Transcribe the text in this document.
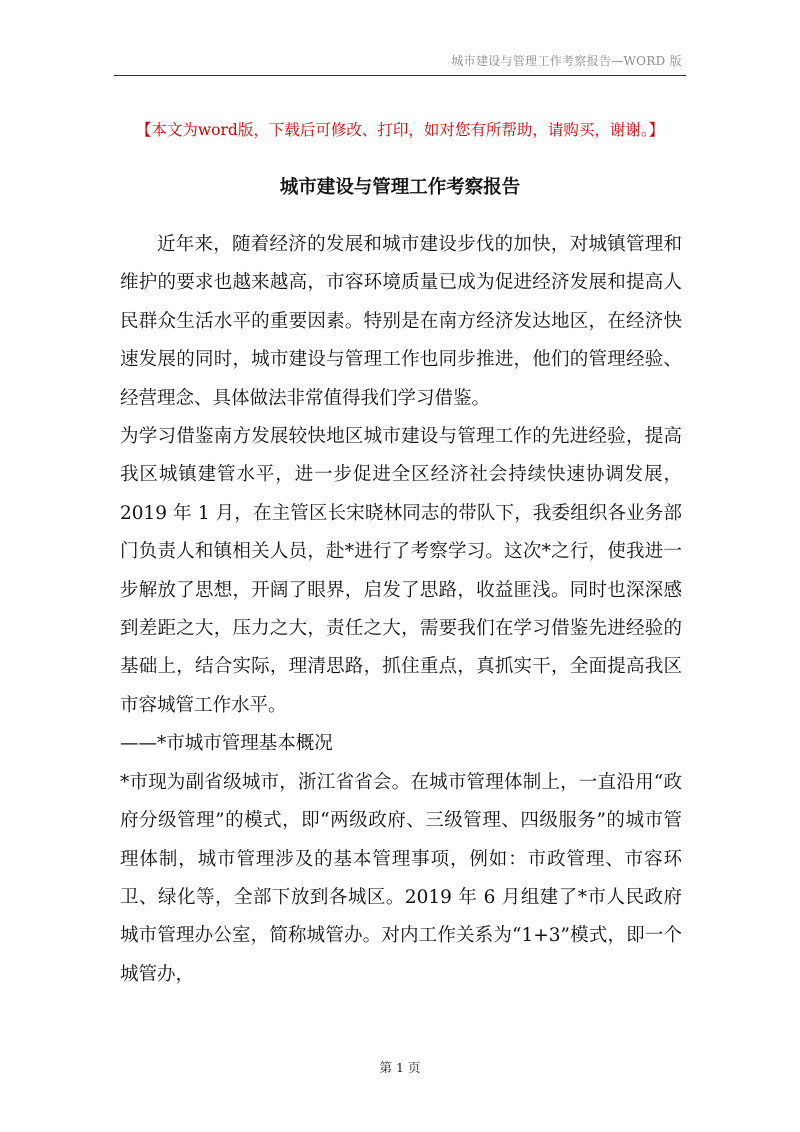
城市建设与管理工作考察报告—WORD 版
【本文为word版，下载后可修改、打印，如对您有所帮助，请购买，谢谢。】
城市建设与管理工作考察报告

近年来，随着经济的发展和城市建设步伐的加快，对城镇管理和维护的要求也越来越高，市容环境质量已成为促进经济发展和提高人民群众生活水平的重要因素。特别是在南方经济发达地区，在经济快速发展的同时，城市建设与管理工作也同步推进，他们的管理经验、经营理念、具体做法非常值得我们学习借鉴。

为学习借鉴南方发展较快地区城市建设与管理工作的先进经验，提高我区城镇建管水平，进一步促进全区经济社会持续快速协调发展，2019 年 1 月，在主管区长宋晓林同志的带队下，我委组织各业务部门负责人和镇相关人员，赴*进行了考察学习。这次*之行，使我进一步解放了思想，开阔了眼界，启发了思路，收益匪浅。同时也深深感到差距之大，压力之大，责任之大，需要我们在学习借鉴先进经验的基础上，结合实际，理清思路，抓住重点，真抓实干，全面提高我区市容城管工作水平。

——*市城市管理基本概况

*市现为副省级城市，浙江省省会。在城市管理体制上，一直沿用“政府分级管理”的模式，即“两级政府、三级管理、四级服务”的城市管理体制，城市管理涉及的基本管理事项，例如：市政管理、市容环卫、绿化等，全部下放到各城区。2019 年 6 月组建了*市人民政府城市管理办公室，简称城管办。对内工作关系为“1+3”模式，即一个城管办，

第 1 页
